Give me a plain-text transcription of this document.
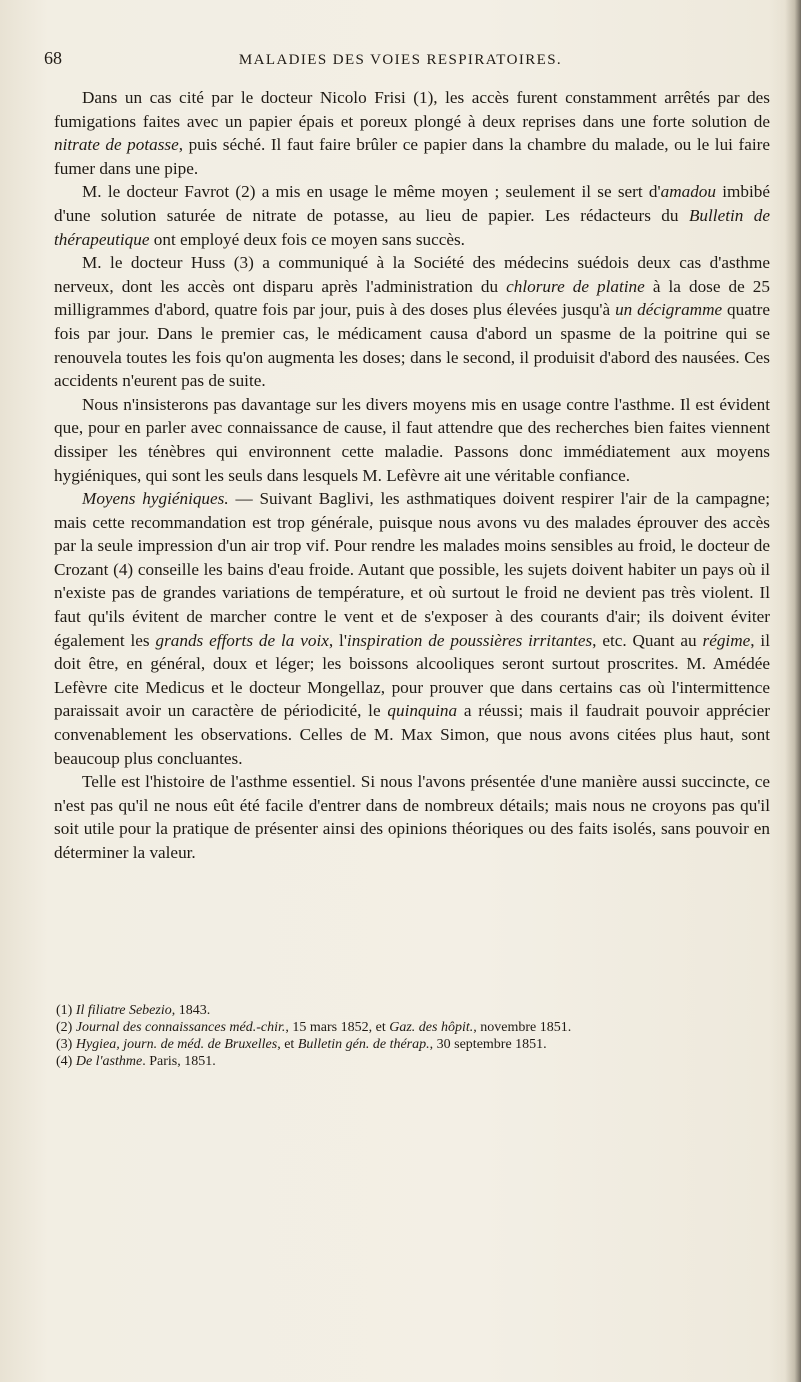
68	MALADIES DES VOIES RESPIRATOIRES.

Dans un cas cité par le docteur Nicolo Frisi (1), les accès furent constamment arrêtés par des fumigations faites avec un papier épais et poreux plongé à deux reprises dans une forte solution de nitrate de potasse, puis séché. Il faut faire brûler ce papier dans la chambre du malade, ou le lui faire fumer dans une pipe.

M. le docteur Favrot (2) a mis en usage le même moyen ; seulement il se sert d'amadou imbibé d'une solution saturée de nitrate de potasse, au lieu de papier. Les rédacteurs du Bulletin de thérapeutique ont employé deux fois ce moyen sans succès.

M. le docteur Huss (3) a communiqué à la Société des médecins suédois deux cas d'asthme nerveux, dont les accès ont disparu après l'administration du chlorure de platine à la dose de 25 milligrammes d'abord, quatre fois par jour, puis à des doses plus élevées jusqu'à un décigramme quatre fois par jour. Dans le premier cas, le médicament causa d'abord un spasme de la poitrine qui se renouvela toutes les fois qu'on augmenta les doses; dans le second, il produisit d'abord des nausées. Ces accidents n'eurent pas de suite.

Nous n'insisterons pas davantage sur les divers moyens mis en usage contre l'asthme. Il est évident que, pour en parler avec connaissance de cause, il faut attendre que des recherches bien faites viennent dissiper les ténèbres qui environnent cette maladie. Passons donc immédiatement aux moyens hygiéniques, qui sont les seuls dans lesquels M. Lefèvre ait une véritable confiance.

Moyens hygiéniques. — Suivant Baglivi, les asthmatiques doivent respirer l'air de la campagne; mais cette recommandation est trop générale, puisque nous avons vu des malades éprouver des accès par la seule impression d'un air trop vif. Pour rendre les malades moins sensibles au froid, le docteur de Crozant (4) conseille les bains d'eau froide. Autant que possible, les sujets doivent habiter un pays où il n'existe pas de grandes variations de température, et où surtout le froid ne devient pas très violent. Il faut qu'ils évitent de marcher contre le vent et de s'exposer à des courants d'air; ils doivent éviter également les grands efforts de la voix, l'inspiration de poussières irritantes, etc. Quant au régime, il doit être, en général, doux et léger; les boissons alcooliques seront surtout proscrites. M. Amédée Lefèvre cite Medicus et le docteur Mongellaz, pour prouver que dans certains cas où l'intermittence paraissait avoir un caractère de périodicité, le quinquina a réussi; mais il faudrait pouvoir apprécier convenablement les observations. Celles de M. Max Simon, que nous avons citées plus haut, sont beaucoup plus concluantes.

Telle est l'histoire de l'asthme essentiel. Si nous l'avons présentée d'une manière aussi succincte, ce n'est pas qu'il ne nous eût été facile d'entrer dans de nombreux détails; mais nous ne croyons pas qu'il soit utile pour la pratique de présenter ainsi des opinions théoriques ou des faits isolés, sans pouvoir en déterminer la valeur.

(1) Il filiatre Sebezio, 1843.
(2) Journal des connaissances méd.-chir., 15 mars 1852, et Gaz. des hôpit., novembre 1851.
(3) Hygiea, journ. de méd. de Bruxelles, et Bulletin gén. de thérap., 30 septembre 1851.
(4) De l'asthme. Paris, 1851.
